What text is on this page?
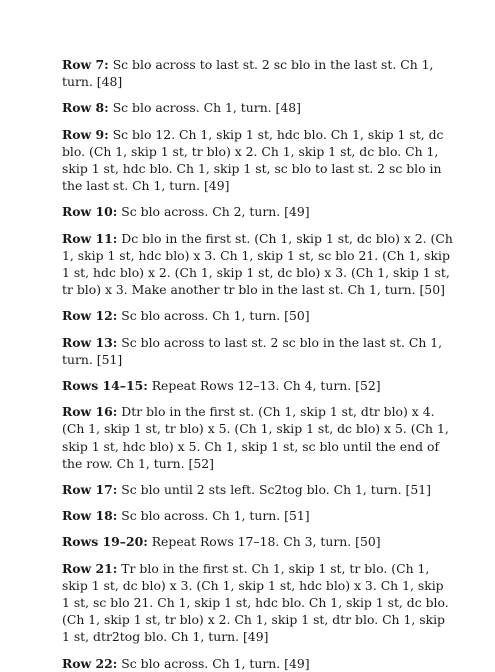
Row 7: Sc blo across to last st. 2 sc blo in the last st. Ch 1, turn. [48]

Row 8: Sc blo across. Ch 1, turn. [48]

Row 9: Sc blo 12. Ch 1, skip 1 st, hdc blo. Ch 1, skip 1 st, dc blo. (Ch 1, skip 1 st, tr blo) x 2. Ch 1, skip 1 st, dc blo. Ch 1, skip 1 st, hdc blo. Ch 1, skip 1 st, sc blo to last st. 2 sc blo in the last st. Ch 1, turn. [49]

Row 10: Sc blo across. Ch 2, turn. [49]

Row 11: Dc blo in the first st. (Ch 1, skip 1 st, dc blo) x 2. (Ch 1, skip 1 st, hdc blo) x 3. Ch 1, skip 1 st, sc blo 21. (Ch 1, skip 1 st, hdc blo) x 2. (Ch 1, skip 1 st, dc blo) x 3. (Ch 1, skip 1 st, tr blo) x 3. Make another tr blo in the last st. Ch 1, turn. [50]

Row 12: Sc blo across. Ch 1, turn. [50]

Row 13: Sc blo across to last st. 2 sc blo in the last st. Ch 1, turn. [51]

Rows 14–15: Repeat Rows 12–13. Ch 4, turn. [52]

Row 16: Dtr blo in the first st. (Ch 1, skip 1 st, dtr blo) x 4. (Ch 1, skip 1 st, tr blo) x 5. (Ch 1, skip 1 st, dc blo) x 5. (Ch 1, skip 1 st, hdc blo) x 5. Ch 1, skip 1 st, sc blo until the end of the row. Ch 1, turn. [52]

Row 17: Sc blo until 2 sts left. Sc2tog blo. Ch 1, turn. [51]

Row 18: Sc blo across. Ch 1, turn. [51]

Rows 19–20: Repeat Rows 17–18. Ch 3, turn. [50]

Row 21: Tr blo in the first st. Ch 1, skip 1 st, tr blo. (Ch 1, skip 1 st, dc blo) x 3. (Ch 1, skip 1 st, hdc blo) x 3. Ch 1, skip 1 st, sc blo 21. Ch 1, skip 1 st, hdc blo. Ch 1, skip 1 st, dc blo. (Ch 1, skip 1 st, tr blo) x 2. Ch 1, skip 1 st, dtr blo. Ch 1, skip 1 st, dtr2tog blo. Ch 1, turn. [49]

Row 22: Sc blo across. Ch 1, turn. [49]
